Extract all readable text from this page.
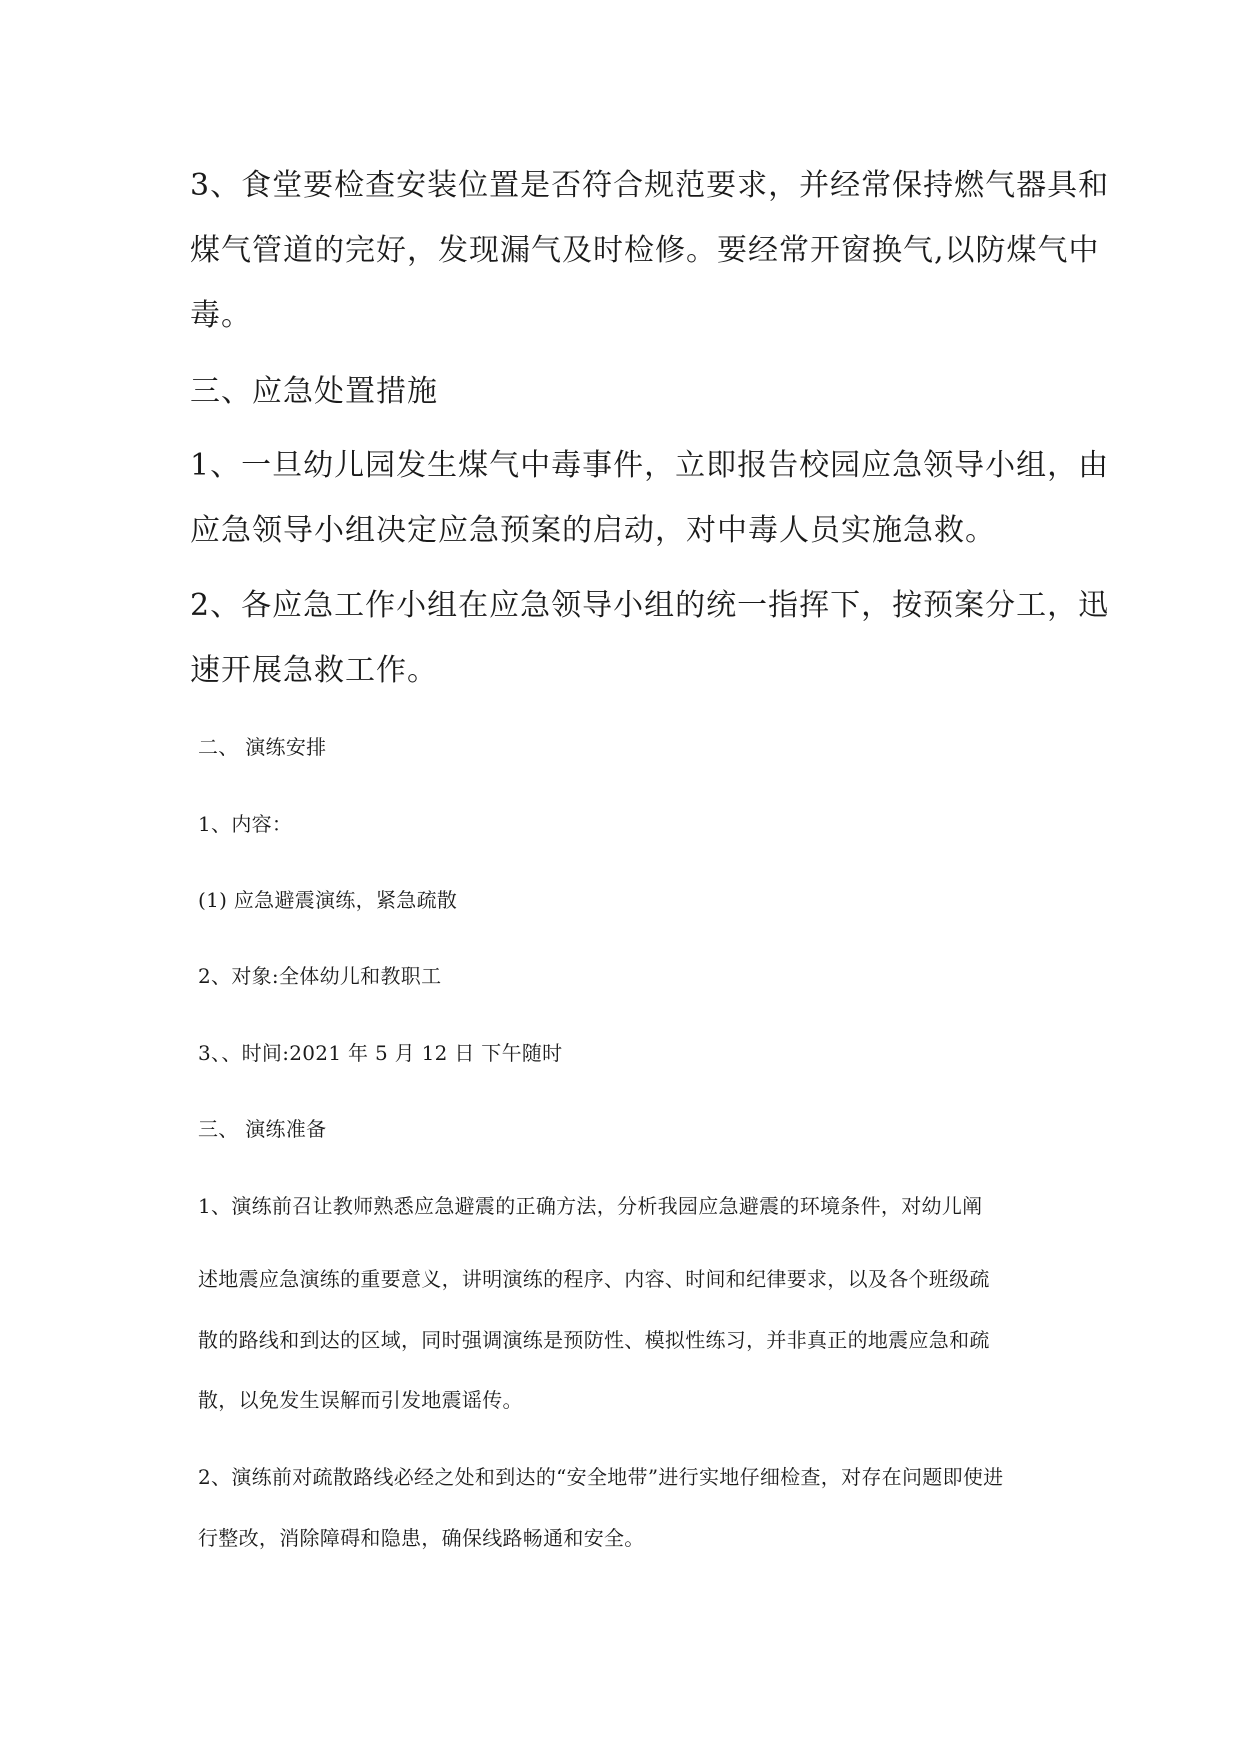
3、食堂要检查安装位置是否符合规范要求，并经常保持燃气器具和
煤气管道的完好，发现漏气及时检修。要经常开窗换气,以防煤气中
毒。
三、应急处置措施
1、一旦幼儿园发生煤气中毒事件，立即报告校园应急领导小组，由
应急领导小组决定应急预案的启动，对中毒人员实施急救。
2、各应急工作小组在应急领导小组的统一指挥下，按预案分工，迅
速开展急救工作。
二、 演练安排
1、内容：
(1) 应急避震演练，紧急疏散
2、对象:全体幼儿和教职工
3、、时间:2021 年 5 月 12 日 下午随时
三、 演练准备
1、演练前召让教师熟悉应急避震的正确方法，分析我园应急避震的环境条件，对幼儿阐
述地震应急演练的重要意义，讲明演练的程序、内容、时间和纪律要求，以及各个班级疏
散的路线和到达的区域，同时强调演练是预防性、模拟性练习，并非真正的地震应急和疏
散，以免发生误解而引发地震谣传。
2、演练前对疏散路线必经之处和到达的“安全地带”进行实地仔细检查，对存在问题即使进
行整改，消除障碍和隐患，确保线路畅通和安全。
